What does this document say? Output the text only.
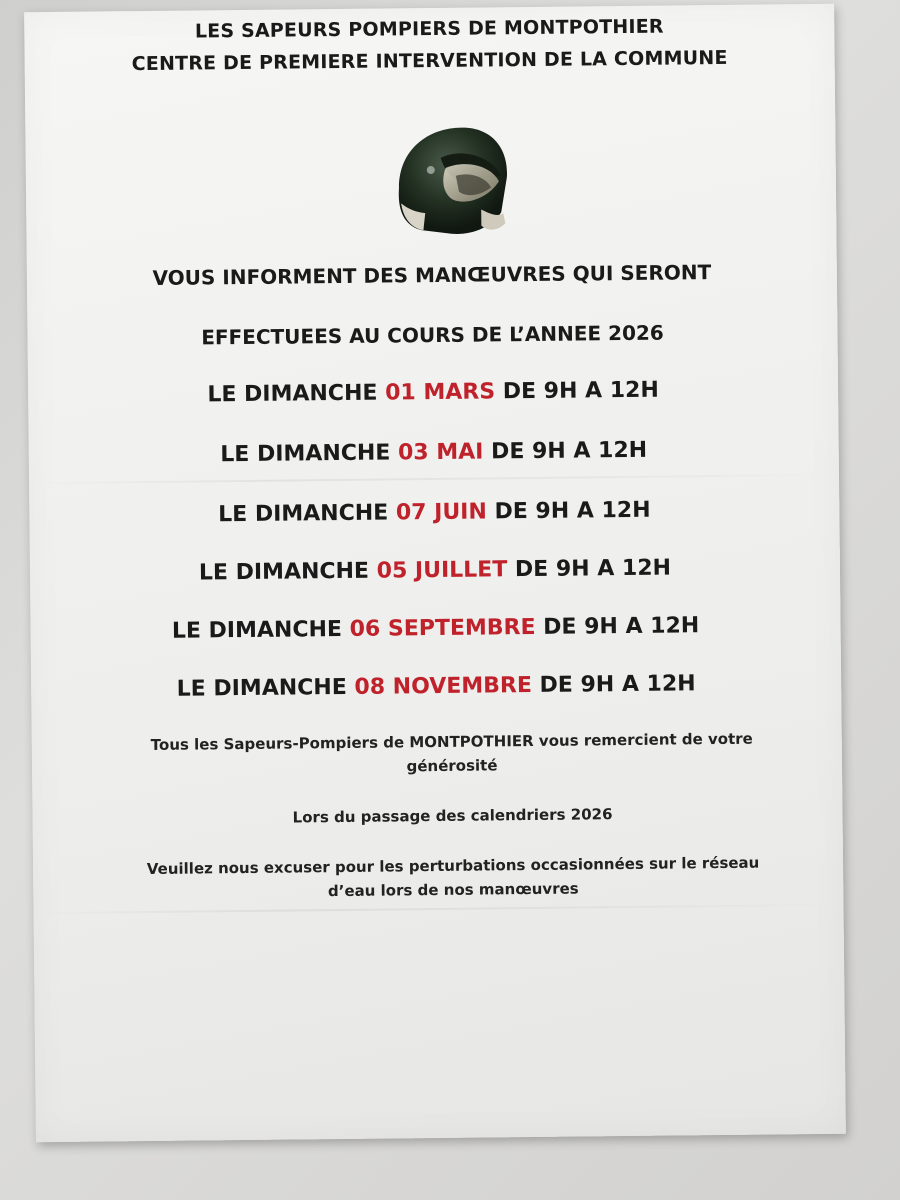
LES SAPEURS POMPIERS DE MONTPOTHIER
CENTRE DE PREMIERE INTERVENTION DE LA COMMUNE
VOUS INFORMENT DES MANŒUVRES QUI SERONT
EFFECTUEES AU COURS DE L’ANNEE 2026
LE DIMANCHE 01 MARS DE 9H A 12H
LE DIMANCHE 03 MAI DE 9H A 12H
LE DIMANCHE 07 JUIN DE 9H A 12H
LE DIMANCHE 05 JUILLET DE 9H A 12H
LE DIMANCHE 06 SEPTEMBRE DE 9H A 12H
LE DIMANCHE 08 NOVEMBRE DE 9H A 12H
Tous les Sapeurs-Pompiers de MONTPOTHIER vous remercient de votre
générosité
Lors du passage des calendriers 2026
Veuillez nous excuser pour les perturbations occasionnées sur le réseau
d’eau lors de nos manœuvres
